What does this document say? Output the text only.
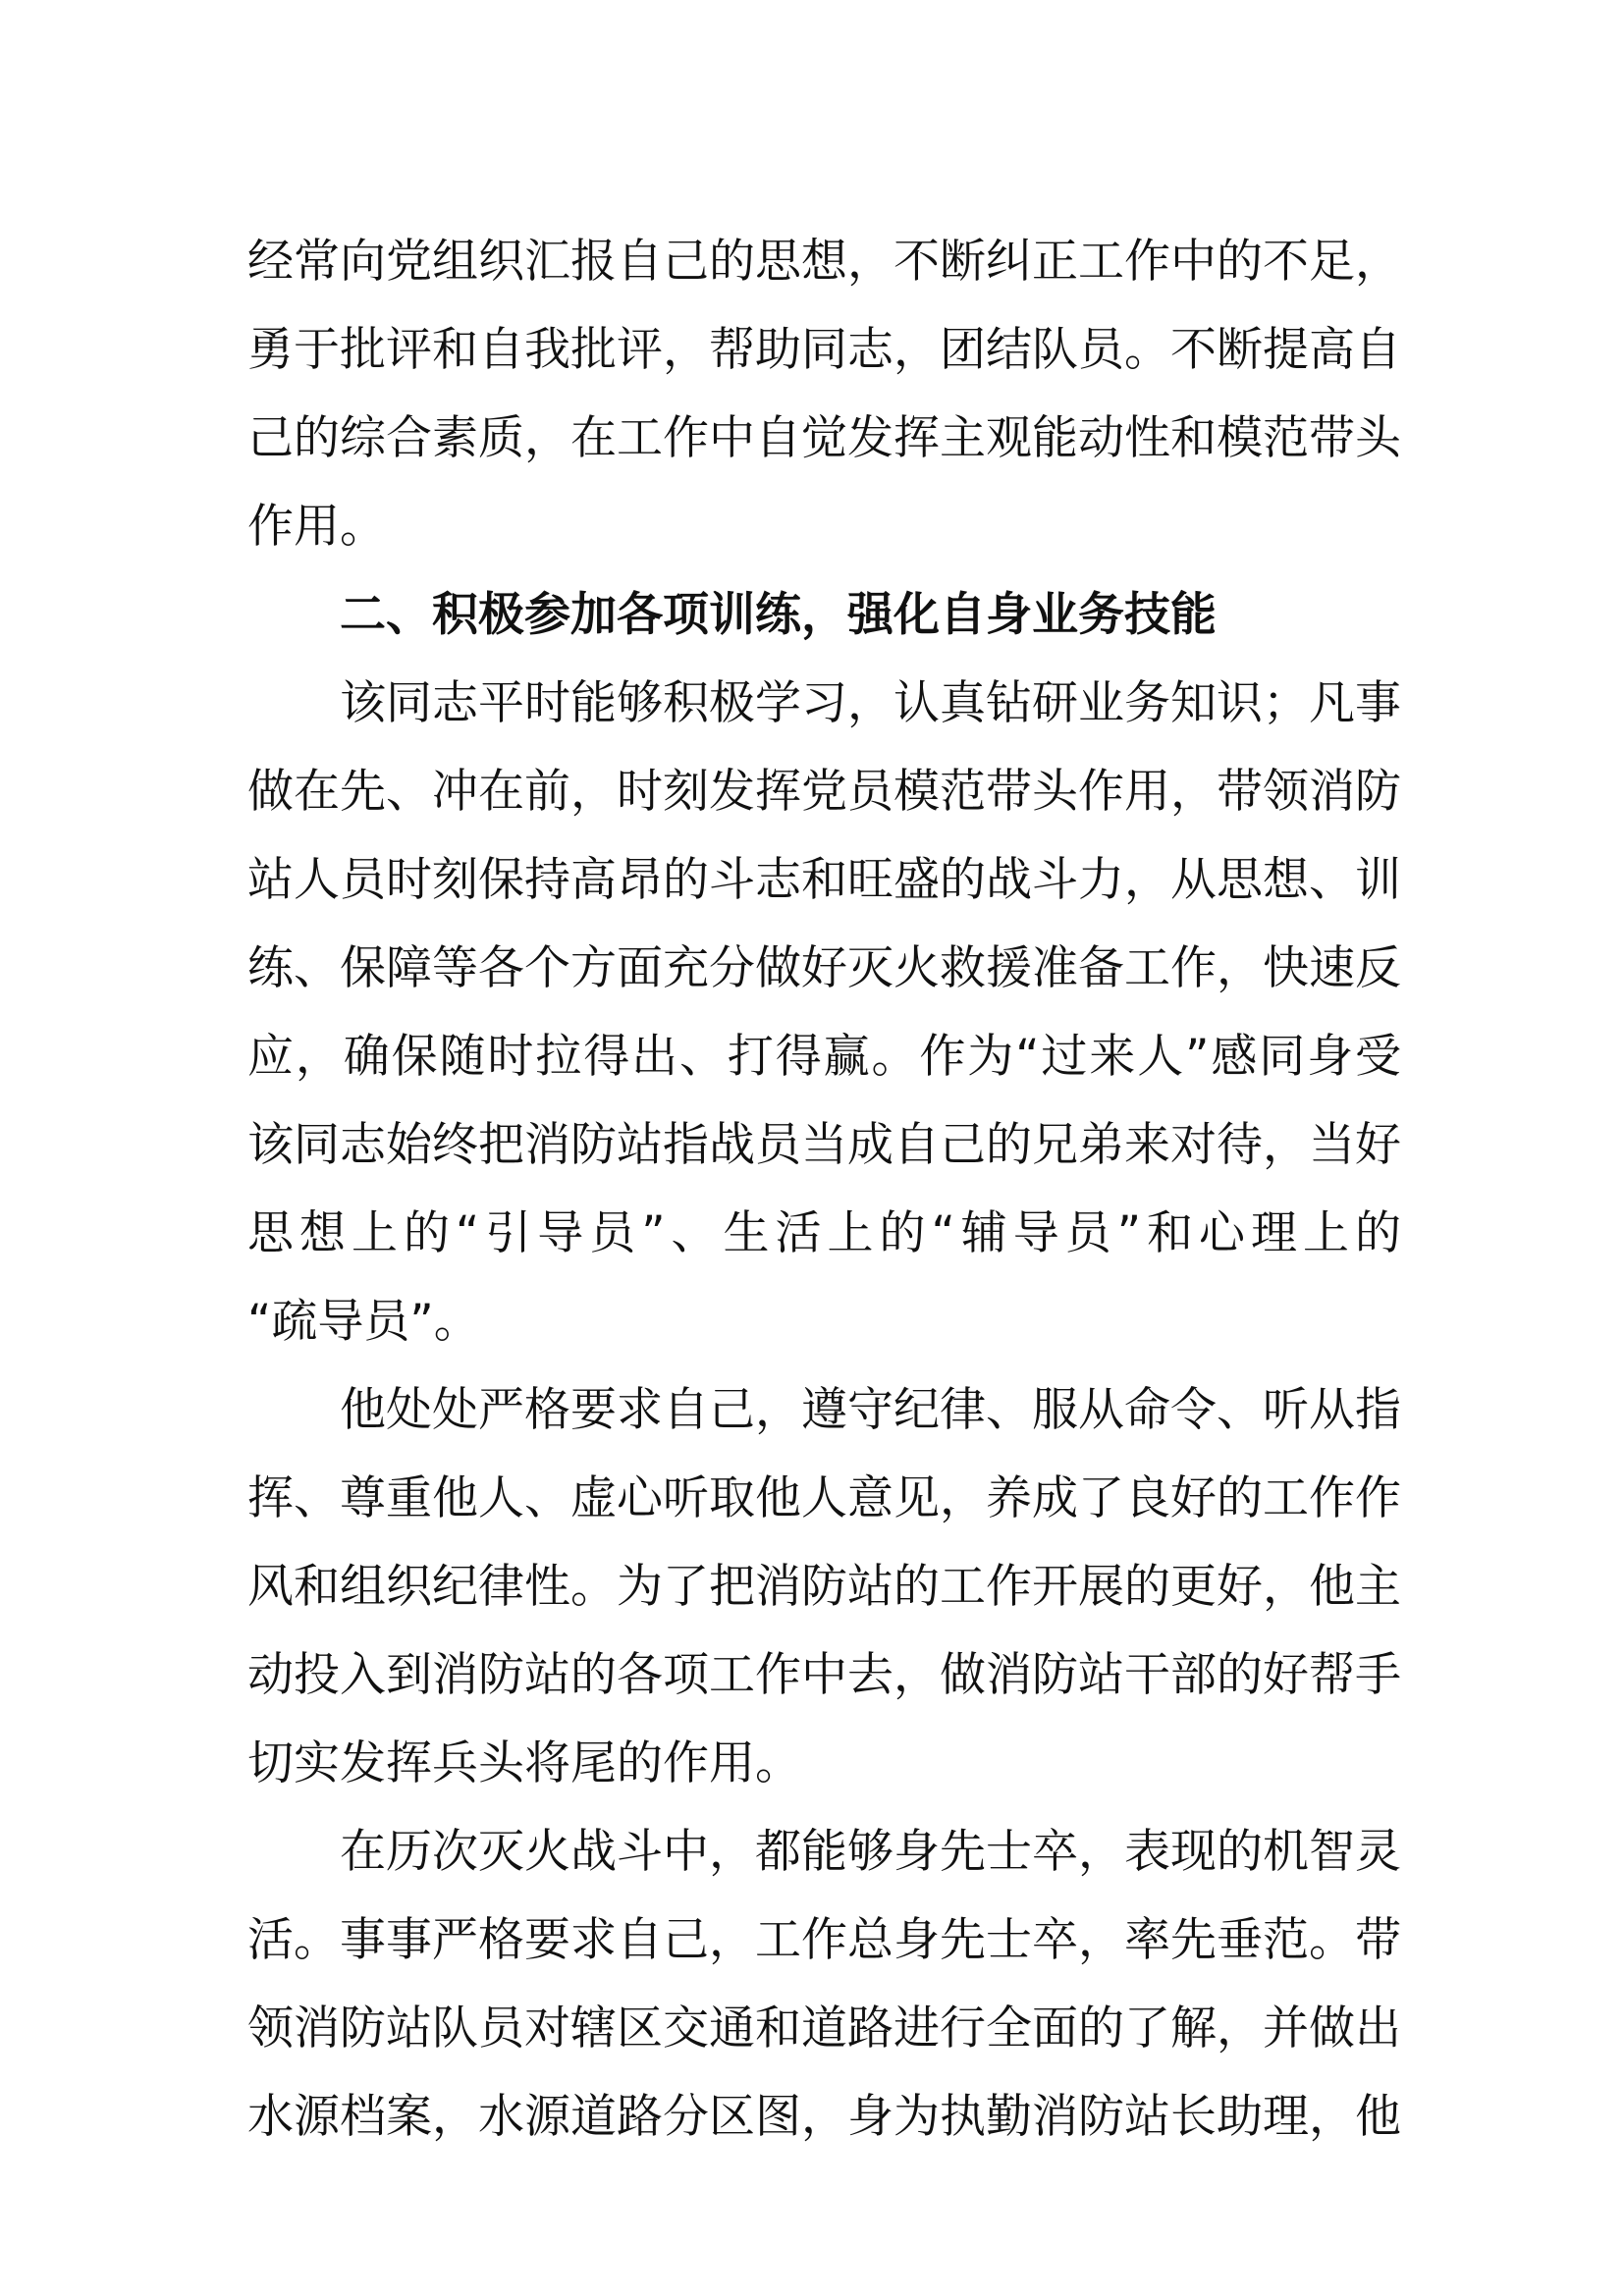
经常向党组织汇报自己的思想，不断纠正工作中的不足，
勇于批评和自我批评，帮助同志，团结队员。不断提高自
己的综合素质，在工作中自觉发挥主观能动性和模范带头
作用。
二、积极参加各项训练，强化自身业务技能
该同志平时能够积极学习，认真钻研业务知识；凡事
做在先、冲在前，时刻发挥党员模范带头作用，带领消防
站人员时刻保持高昂的斗志和旺盛的战斗力，从思想、训
练、保障等各个方面充分做好灭火救援准备工作，快速反
应，确保随时拉得出、打得赢。作为“过来人”感同身受
该同志始终把消防站指战员当成自己的兄弟来对待，当好
思想上的“引导员”、生活上的“辅导员”和心理上的
“疏导员”。
他处处严格要求自己，遵守纪律、服从命令、听从指
挥、尊重他人、虚心听取他人意见，养成了良好的工作作
风和组织纪律性。为了把消防站的工作开展的更好，他主
动投入到消防站的各项工作中去，做消防站干部的好帮手
切实发挥兵头将尾的作用。
在历次灭火战斗中，都能够身先士卒，表现的机智灵
活。事事严格要求自己，工作总身先士卒，率先垂范。带
领消防站队员对辖区交通和道路进行全面的了解，并做出
水源档案，水源道路分区图，身为执勤消防站长助理，他
